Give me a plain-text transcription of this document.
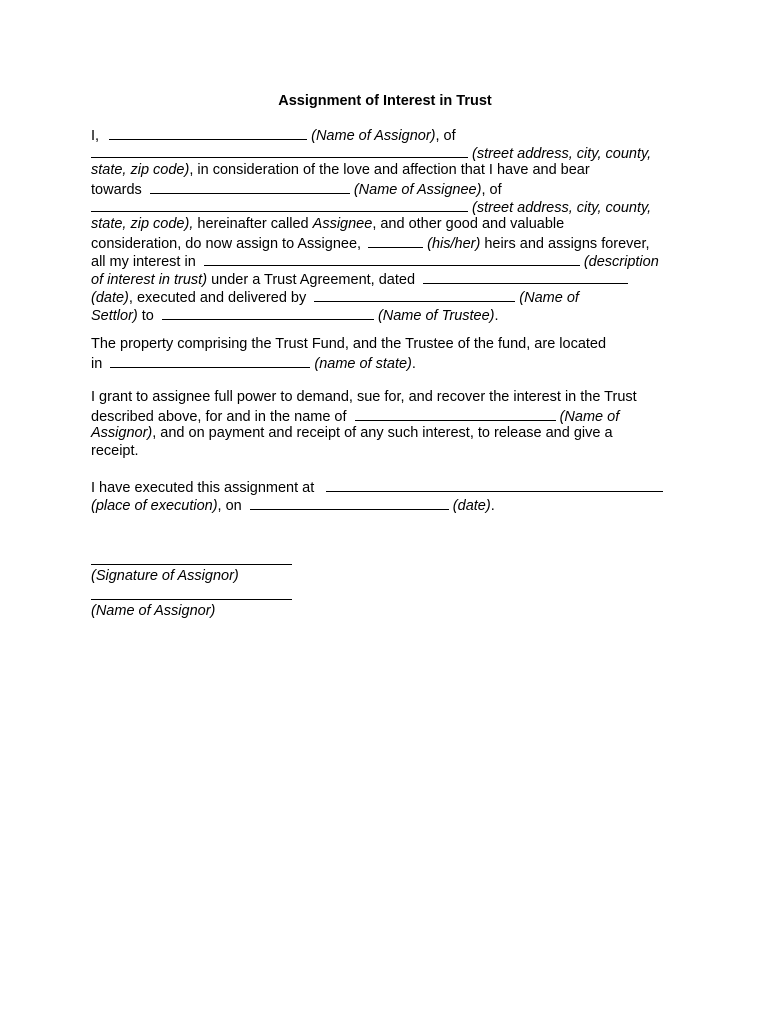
Assignment of Interest in Trust
I,	(Name of Assignor), of
(street address, city, county,
state, zip code), in consideration of the love and affection that I have and bear
towards	(Name of Assignee), of
(street address, city, county,
state, zip code), hereinafter called Assignee, and other good and valuable
consideration, do now assign to Assignee,	(his/her) heirs and assigns forever,
all my interest in	(description
of interest in trust) under a Trust Agreement, dated
(date), executed and delivered by	(Name of
Settlor) to	(Name of Trustee).
The property comprising the Trust Fund, and the Trustee of the fund, are located
in	(name of state).
I grant to assignee full power to demand, sue for, and recover the interest in the Trust
described above, for and in the name of	(Name of
Assignor), and on payment and receipt of any such interest, to release and give a
receipt.
I have executed this assignment at
(place of execution), on	(date).
(Signature of Assignor)
(Name of Assignor)
